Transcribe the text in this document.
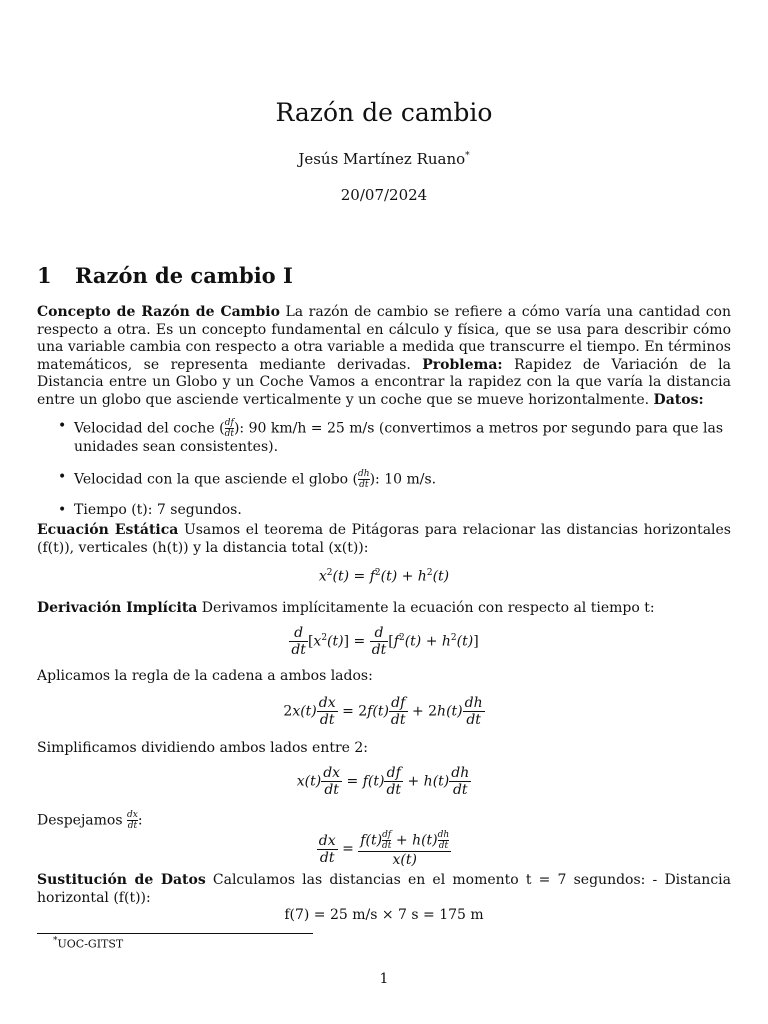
Razón de cambio
Jesús Martínez Ruano*
20/07/2024
1 Razón de cambio I
Concepto de Razón de Cambio La razón de cambio se refiere a cómo varía una cantidad con respecto a otra. Es un concepto fundamental en cálculo y física, que se usa para describir cómo una variable cambia con respecto a otra variable a medida que transcurre el tiempo. En términos matemáticos, se representa mediante derivadas. Problema: Rapidez de Variación de la Distancia entre un Globo y un Coche Vamos a encontrar la rapidez con la que varía la distancia entre un globo que asciende verticalmente y un coche que se mueve horizontalmente. Datos:
• Velocidad del coche ( $\frac{df}{dt}$ ): 90 km/h = 25 m/s (convertimos a metros por segundo para que las unidades sean consistentes).
• Velocidad con la que asciende el globo ( $\frac{dh}{dt}$ ): 10 m/s.
• Tiempo (t): 7 segundos.
Ecuación Estática Usamos el teorema de Pitágoras para relacionar las distancias horizontales (f(t)), verticales (h(t)) y la distancia total (x(t)):
$x^2(t) = f^2(t) + h^2(t)$
Derivación Implícita Derivamos implícitamente la ecuación con respecto al tiempo t:
$\frac{d}{dt} [x^2(t)] = \frac{d}{dt} [f^2(t) + h^2(t)]$
Aplicamos la regla de la cadena a ambos lados:
$2x(t) \frac{dx}{dt} = 2f(t) \frac{df}{dt} + 2h(t) \frac{dh}{dt}$
Simplificamos dividiendo ambos lados entre 2:
$x(t) \frac{dx}{dt} = f(t) \frac{df}{dt} + h(t) \frac{dh}{dt}$
Despejamos $\frac{dx}{dt}$ :
$\frac{dx}{dt} = \frac{f(t) \frac{df}{dt} + h(t) \frac{dh}{dt}}{x(t)}$
Sustitución de Datos Calculamos las distancias en el momento t = 7 segundos: - Distancia horizontal (f(t)):
f(7) = 25 m/s × 7 s = 175 m
*UOC-GITST
1
